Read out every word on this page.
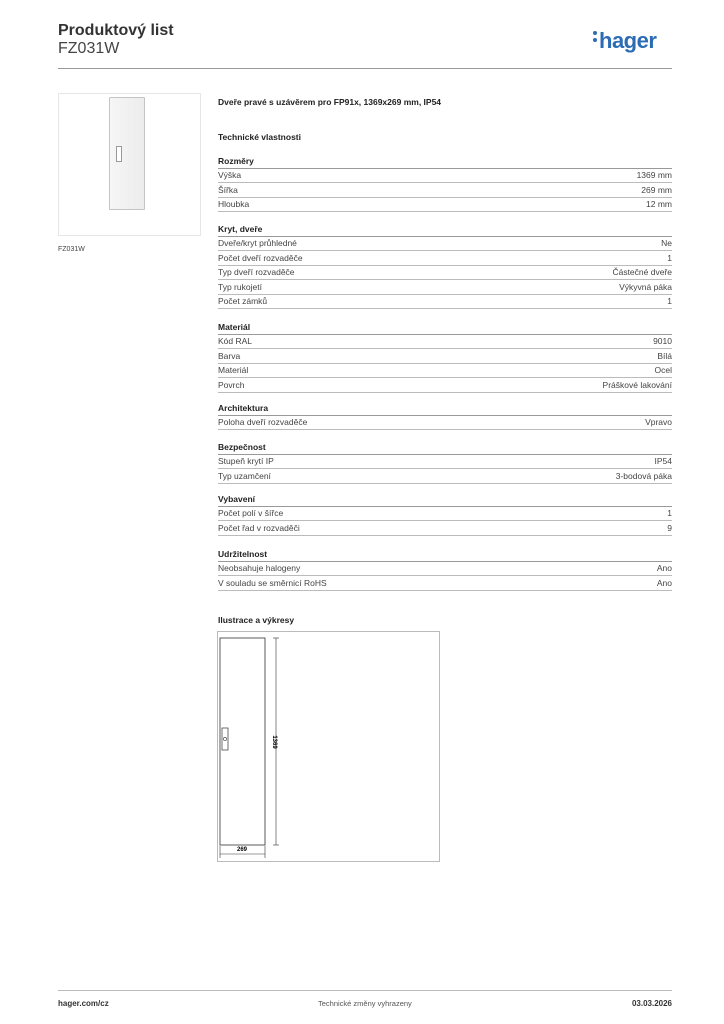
Produktový list
FZ031W	hager
FZ031W
Dveře pravé s uzávěrem pro FP91x, 1369x269 mm, IP54
Technické vlastnosti
Rozměry
Výška	1369 mm
Šířka	269 mm
Hloubka	12 mm
Kryt, dveře
Dveře/kryt průhledné	Ne
Počet dveří rozvaděče	1
Typ dveří rozvaděče	Částečné dveře
Typ rukojetí	Výkyvná páka
Počet zámků	1
Materiál
Kód RAL	9010
Barva	Bílá
Materiál	Ocel
Povrch	Práškové lakování
Architektura
Poloha dveří rozvaděče	Vpravo
Bezpečnost
Stupeň krytí IP	IP54
Typ uzamčení	3-bodová páka
Vybavení
Počet polí v šířce	1
Počet řad v rozvaděči	9
Udržitelnost
Neobsahuje halogeny	Ano
V souladu se směrnicí RoHS	Ano
Ilustrace a výkresy
1369
269
hager.com/cz	Technické změny vyhrazeny	03.03.2026
